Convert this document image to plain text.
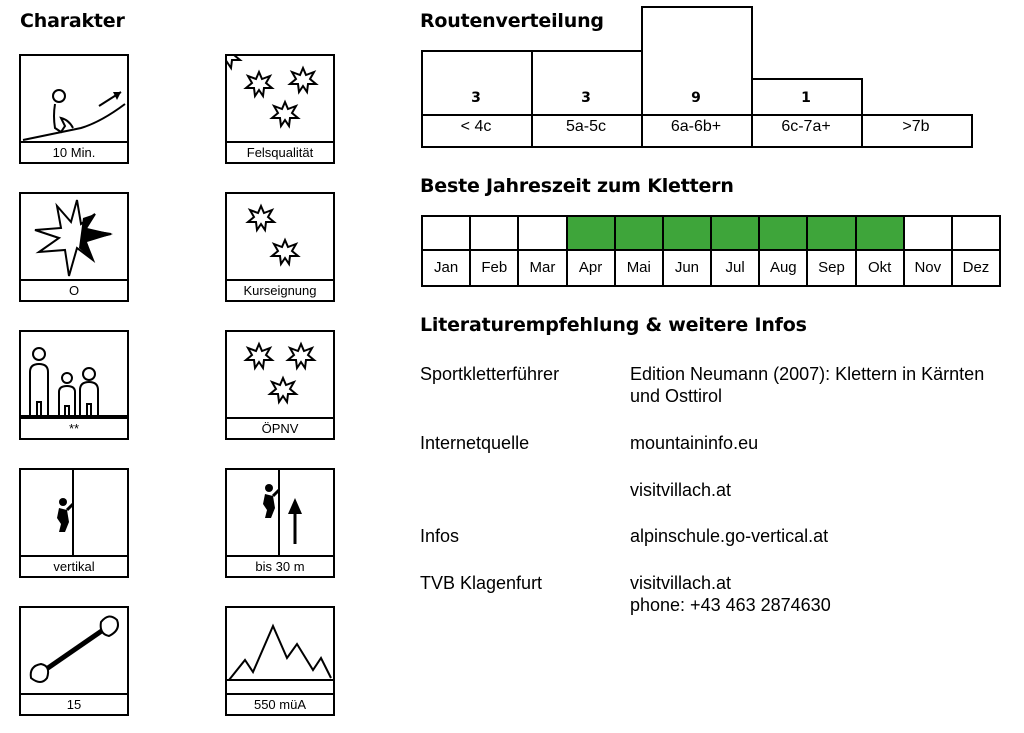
Charakter	Routenverteilung
Beste Jahreszeit zum Klettern
Literaturempfehlung & weitere Infos
10 Min.	Felsqualität
O	Kurseignung
**	ÖPNV
vertikal	bis 30 m
15	550 müA
3
< 4c
3
5a-5c
9
6a-6b+
1
6c-7a+	>7b
Jan	Feb	Mar	Apr	Mai	Jun	Jul	Aug	Sep	Okt	Nov	Dez
Sportkletterführer	Edition Neumann (2007): Klettern in Kärnten und Osttirol
Internetquelle	mountaininfo.eu
visitvillach.at
Infos	alpinschule.go-vertical.at
TVB Klagenfurt	visitvillach.at
phone: +43 463 2874630
